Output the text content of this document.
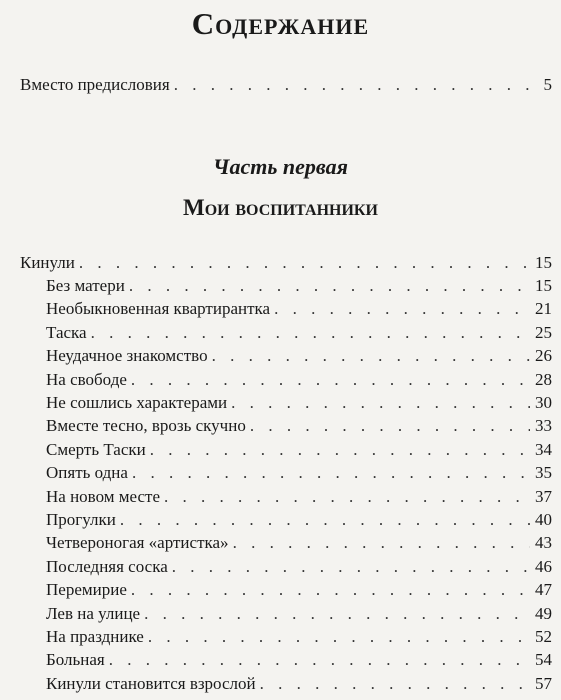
Содержание
Вместо предисловия . . .	5
Часть первая
Мои воспитанники
Кинули . . .	15
Без матери . . .	15
Необыкновенная квартирантка . . .	21
Таска . . .	25
Неудачное знакомство . . .	26
На свободе . . .	28
Не сошлись характерами . . .	30
Вместе тесно, врозь скучно . . .	33
Смерть Таски . . .	34
Опять одна . . .	35
На новом месте . . .	37
Прогулки . . .	40
Четвероногая «артистка» . . .	43
Последняя соска . . .	46
Перемирие . . .	47
Лев на улице . . .	49
На празднике . . .	52
Больная . . .	54
Кинули становится взрослой . . .	57
